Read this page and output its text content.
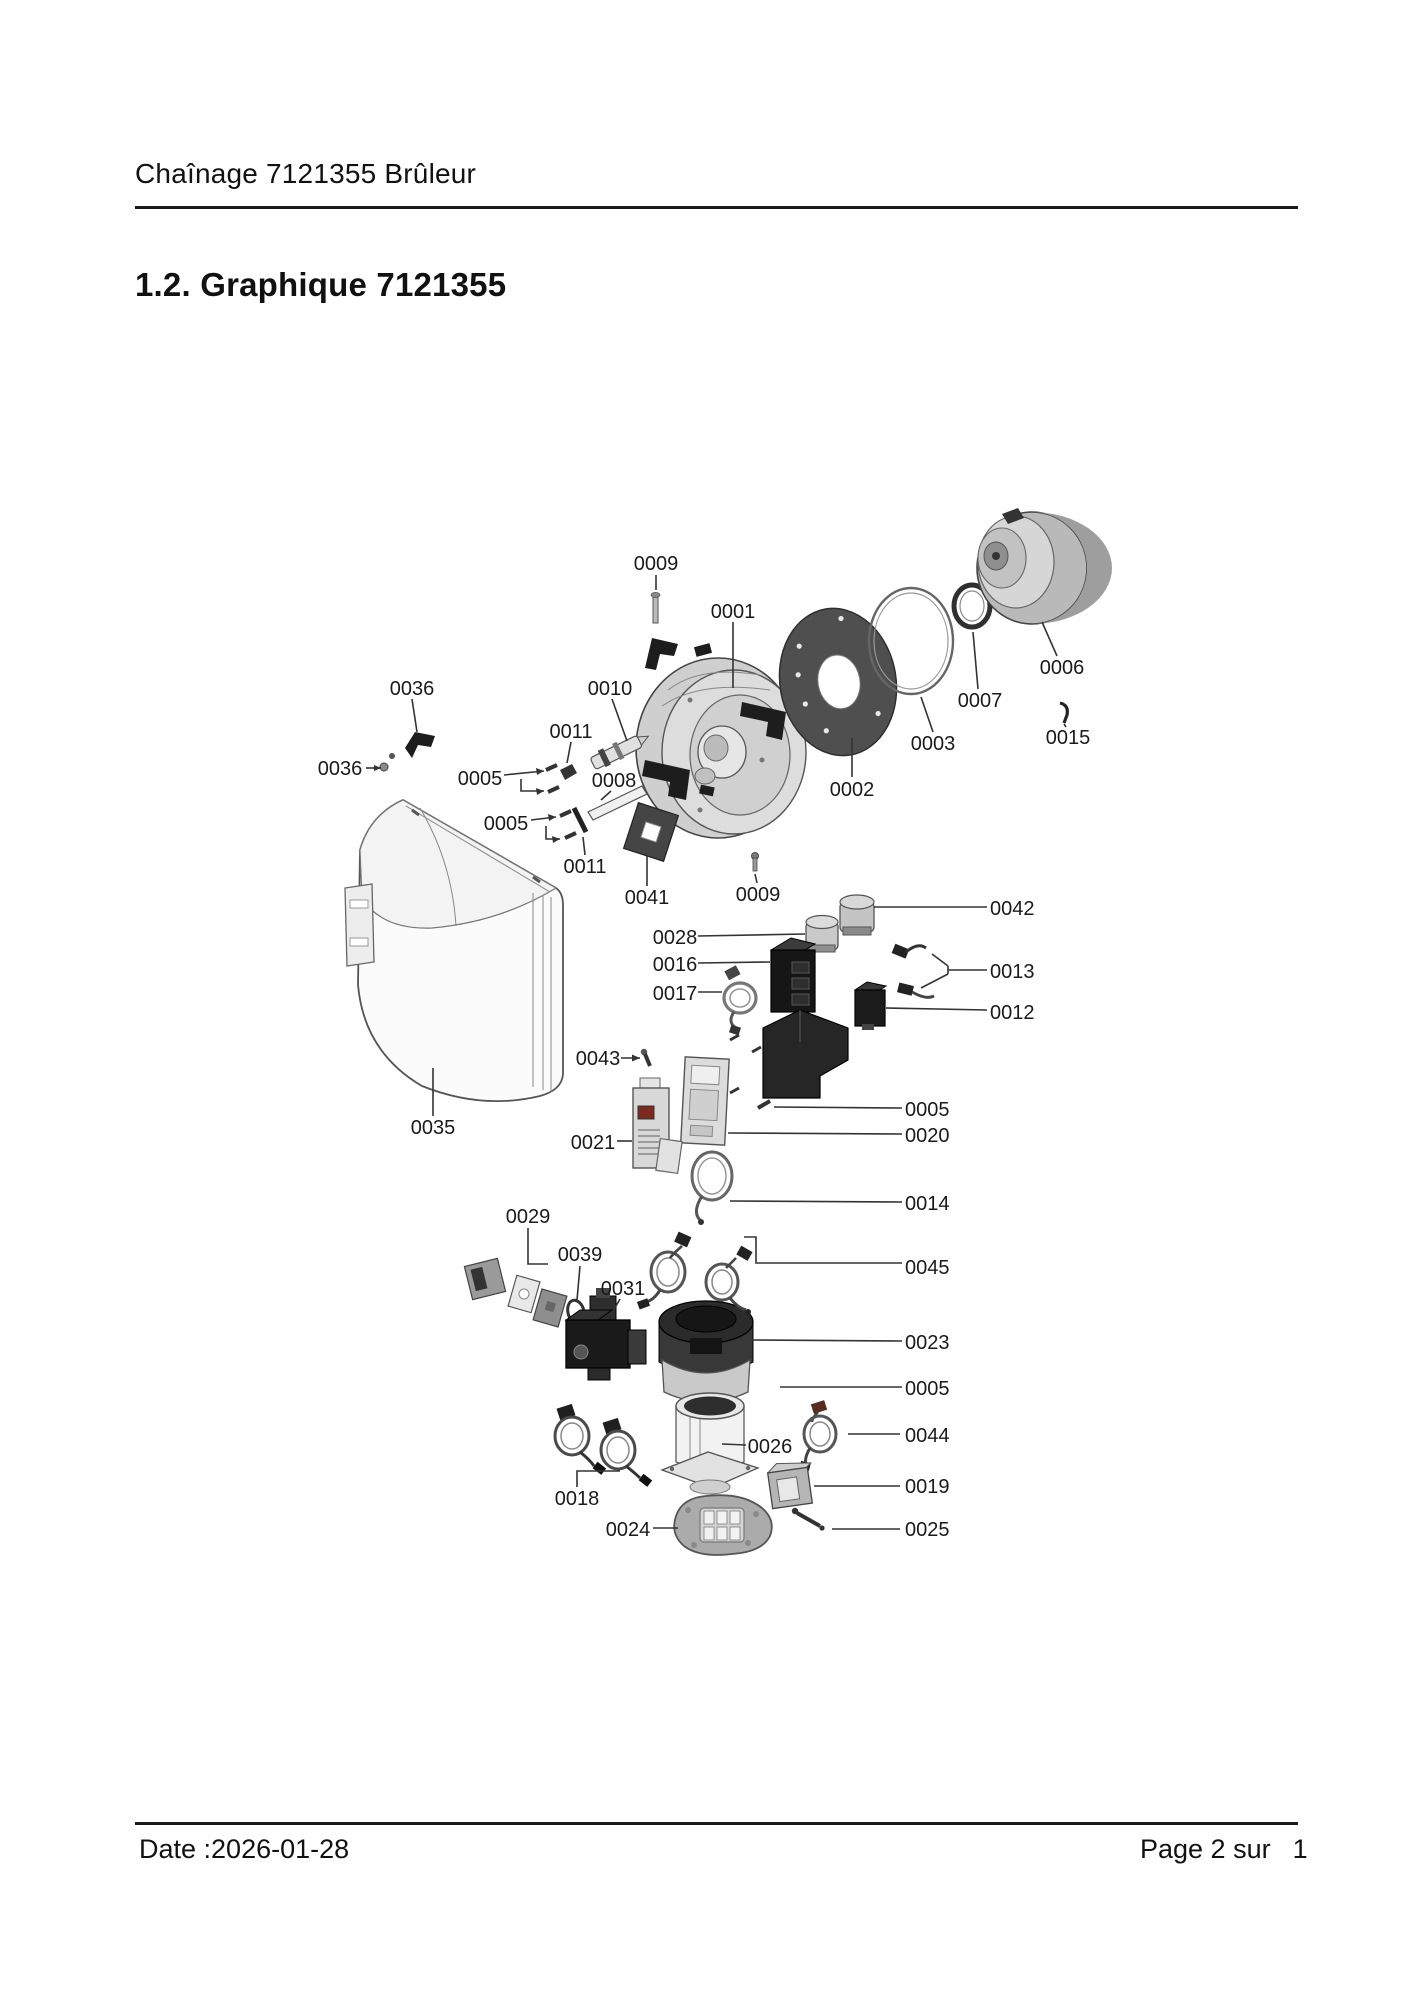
Chaînage 7121355 Brûleur
1.2. Graphique 7121355
0009
0001
0006
0036	0010
0007
0011	0015
0003
0036	0005	0008	0002
0005
0011
0041	0009
0042
0028
0016	0013
0017
0012
0043
0005
0035	0020
0021
0014
0029
0039
0045
0031
0023
0005
0044
0026
0019
0018
0024	0025
Date :2026-01-28	Page 2 sur 1
